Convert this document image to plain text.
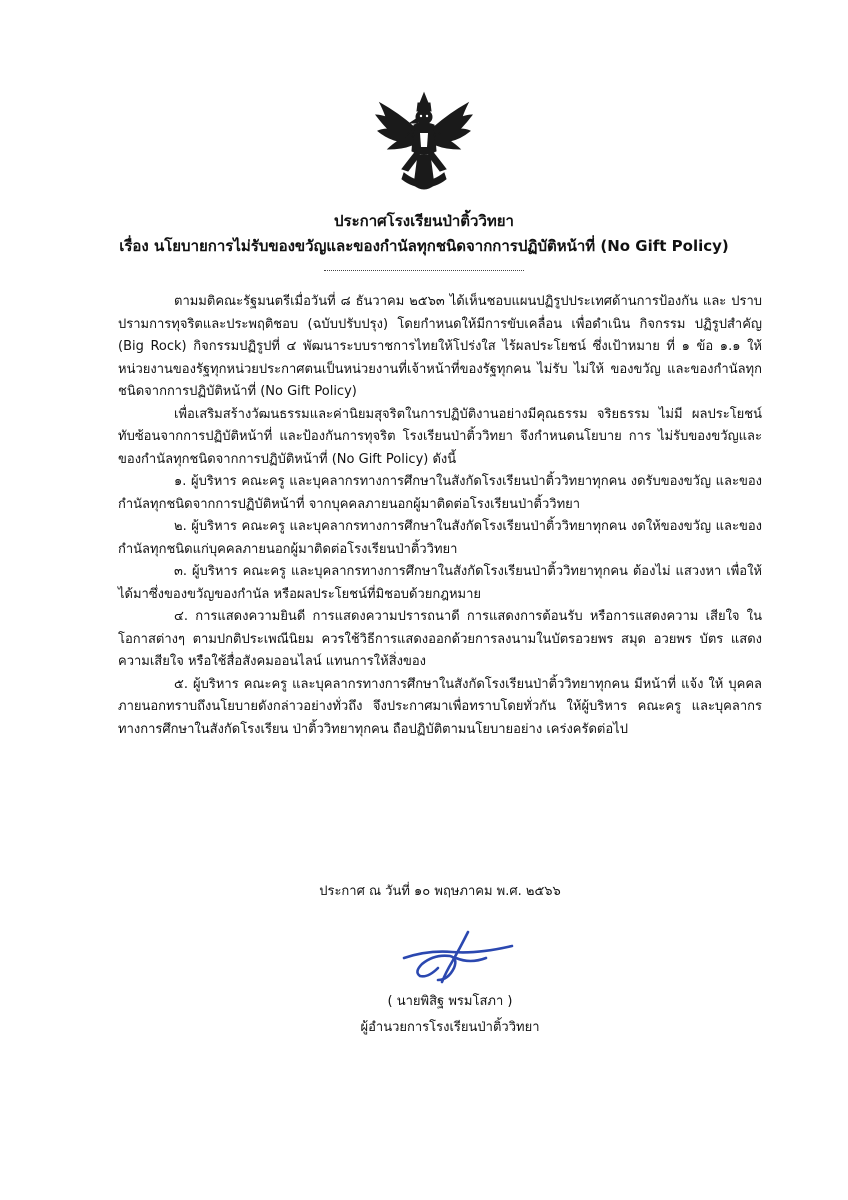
ประกาศโรงเรียนป่าติ้ววิทยา
เรื่อง นโยบายการไม่รับของขวัญและของกำนัลทุกชนิดจากการปฏิบัติหน้าที่ (No Gift Policy)

ตามมติคณะรัฐมนตรีเมื่อวันที่ ๘ ธันวาคม ๒๕๖๓ ได้เห็นชอบแผนปฏิรูปประเทศด้านการป้องกัน และ ปราบปรามการทุจริตและประพฤติชอบ (ฉบับปรับปรุง) โดยกำหนดให้มีการขับเคลื่อน เพื่อดำเนิน กิจกรรม ปฏิรูปสำคัญ (Big Rock) กิจกรรมปฏิรูปที่ ๔ พัฒนาระบบราชการไทยให้โปร่งใส ไร้ผลประโยชน์ ซึ่งเป้าหมาย ที่ ๑ ข้อ ๑.๑ ให้หน่วยงานของรัฐทุกหน่วยประกาศตนเป็นหน่วยงานที่เจ้าหน้าที่ของรัฐทุกคน ไม่รับ ไม่ให้ ของขวัญ และของกำนัลทุกชนิดจากการปฏิบัติหน้าที่ (No Gift Policy)

เพื่อเสริมสร้างวัฒนธรรมและค่านิยมสุจริตในการปฏิบัติงานอย่างมีคุณธรรม จริยธรรม ไม่มี ผลประโยชน์ทับซ้อนจากการปฏิบัติหน้าที่ และป้องกันการทุจริต โรงเรียนป่าติ้ววิทยา จึงกำหนดนโยบาย การ ไม่รับของขวัญและของกำนัลทุกชนิดจากการปฏิบัติหน้าที่ (No Gift Policy) ดังนี้

๑. ผู้บริหาร คณะครู และบุคลากรทางการศึกษาในสังกัดโรงเรียนป่าติ้ววิทยาทุกคน งดรับของขวัญ และของกำนัลทุกชนิดจากการปฏิบัติหน้าที่ จากบุคคลภายนอกผู้มาติดต่อโรงเรียนป่าติ้ววิทยา

๒. ผู้บริหาร คณะครู และบุคลากรทางการศึกษาในสังกัดโรงเรียนป่าติ้ววิทยาทุกคน งดให้ของขวัญ และของกำนัลทุกชนิดแก่บุคคลภายนอกผู้มาติดต่อโรงเรียนป่าติ้ววิทยา

๓. ผู้บริหาร คณะครู และบุคลากรทางการศึกษาในสังกัดโรงเรียนป่าติ้ววิทยาทุกคน ต้องไม่ แสวงหา เพื่อให้ได้มาซึ่งของขวัญของกำนัล หรือผลประโยชน์ที่มิชอบด้วยกฎหมาย

๔. การแสดงความยินดี การแสดงความปรารถนาดี การแสดงการต้อนรับ หรือการแสดงความ เสียใจ ในโอกาสต่างๆ ตามปกติประเพณีนิยม ควรใช้วิธีการแสดงออกด้วยการลงนามในบัตรอวยพร สมุด อวยพร บัตร แสดงความเสียใจ หรือใช้สื่อสังคมออนไลน์ แทนการให้สิ่งของ

๕. ผู้บริหาร คณะครู และบุคลากรทางการศึกษาในสังกัดโรงเรียนป่าติ้ววิทยาทุกคน มีหน้าที่ แจ้ง ให้ บุคคลภายนอกทราบถึงนโยบายดังกล่าวอย่างทั่วถึง จึงประกาศมาเพื่อทราบโดยทั่วกัน ให้ผู้บริหาร คณะครู และบุคลากรทางการศึกษาในสังกัดโรงเรียน ป่าติ้ววิทยาทุกคน ถือปฏิบัติตามนโยบายอย่าง เคร่งครัดต่อไป

ประกาศ ณ วันที่ ๑๐ พฤษภาคม พ.ศ. ๒๕๖๖
( นายพิสิฐ พรมโสภา )
ผู้อำนวยการโรงเรียนป่าติ้ววิทยา
